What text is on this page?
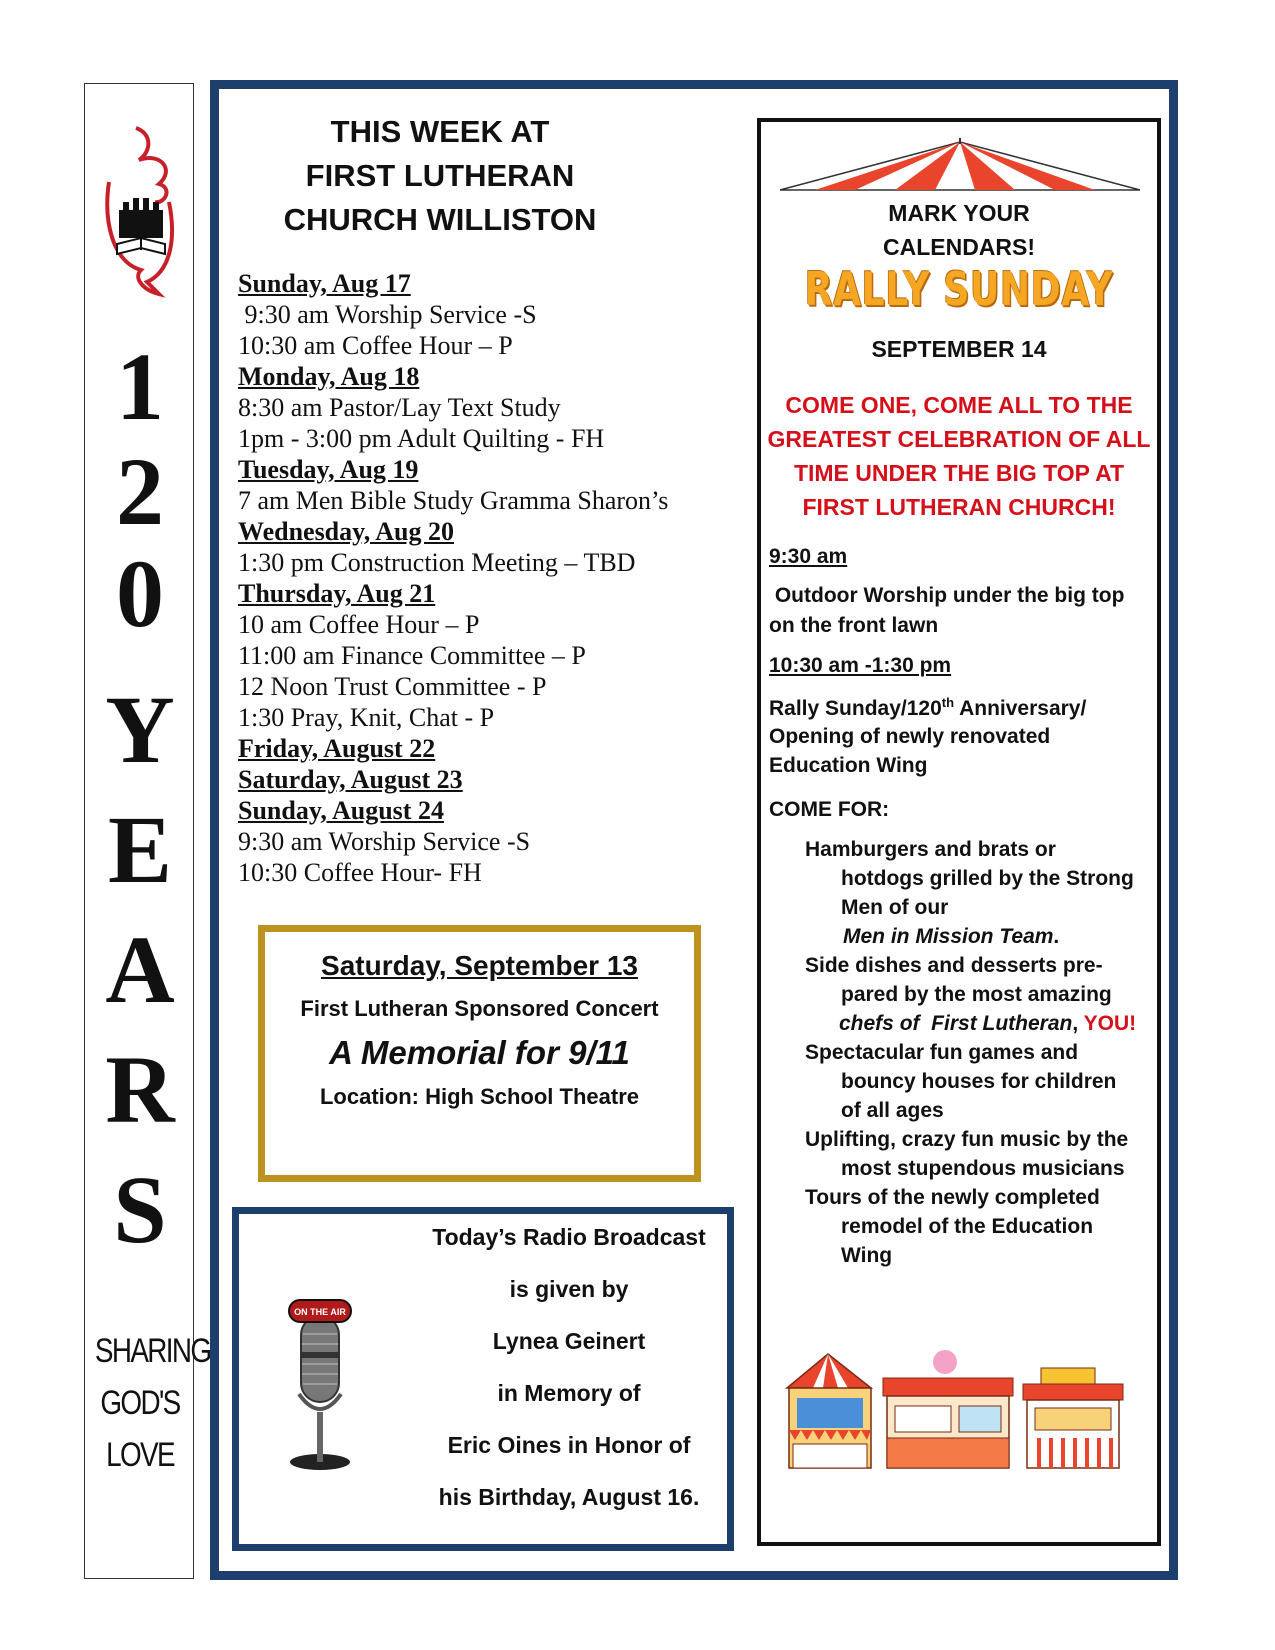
1
2
0
Y
E
A
R
S
SHARING
GOD'S
LOVE
THIS WEEK AT
FIRST LUTHERAN
CHURCH WILLISTON
Sunday, Aug 17
9:30 am Worship Service -S
10:30 am Coffee Hour – P
Monday, Aug 18
8:30 am Pastor/Lay Text Study
1pm - 3:00 pm Adult Quilting - FH
Tuesday, Aug 19
7 am Men Bible Study Gramma Sharon’s
Wednesday, Aug 20
1:30 pm Construction Meeting – TBD
Thursday, Aug 21
10 am Coffee Hour – P
11:00 am Finance Committee – P
12 Noon Trust Committee - P
1:30 Pray, Knit, Chat - P
Friday, August 22
Saturday, August 23
Sunday, August 24
9:30 am Worship Service -S
10:30 Coffee Hour- FH
Saturday, September 13
First Lutheran Sponsored Concert
A Memorial for 9/11
Location: High School Theatre
ON THE AIR
Today’s Radio Broadcast
is given by
Lynea Geinert
in Memory of
Eric Oines in Honor of
his Birthday, August 16.
MARK YOUR
CALENDARS!
RALLY SUNDAY
SEPTEMBER 14
COME ONE, COME ALL TO THE
GREATEST CELEBRATION OF ALL
TIME UNDER THE BIG TOP AT
FIRST LUTHERAN CHURCH!
9:30 am
Outdoor Worship under the big top
on the front lawn
10:30 am -1:30 pm
Rally Sunday/120th Anniversary/
Opening of newly renovated
Education Wing
COME FOR:
Hamburgers and brats or
hotdogs grilled by the Strong
Men of our
Men in Mission Team.
Side dishes and desserts pre-
pared by the most amazing
chefs of  First Lutheran, YOU!
Spectacular fun games and
bouncy houses for children
of all ages
Uplifting, crazy fun music by the
most stupendous musicians
Tours of the newly completed
remodel of the Education
Wing
